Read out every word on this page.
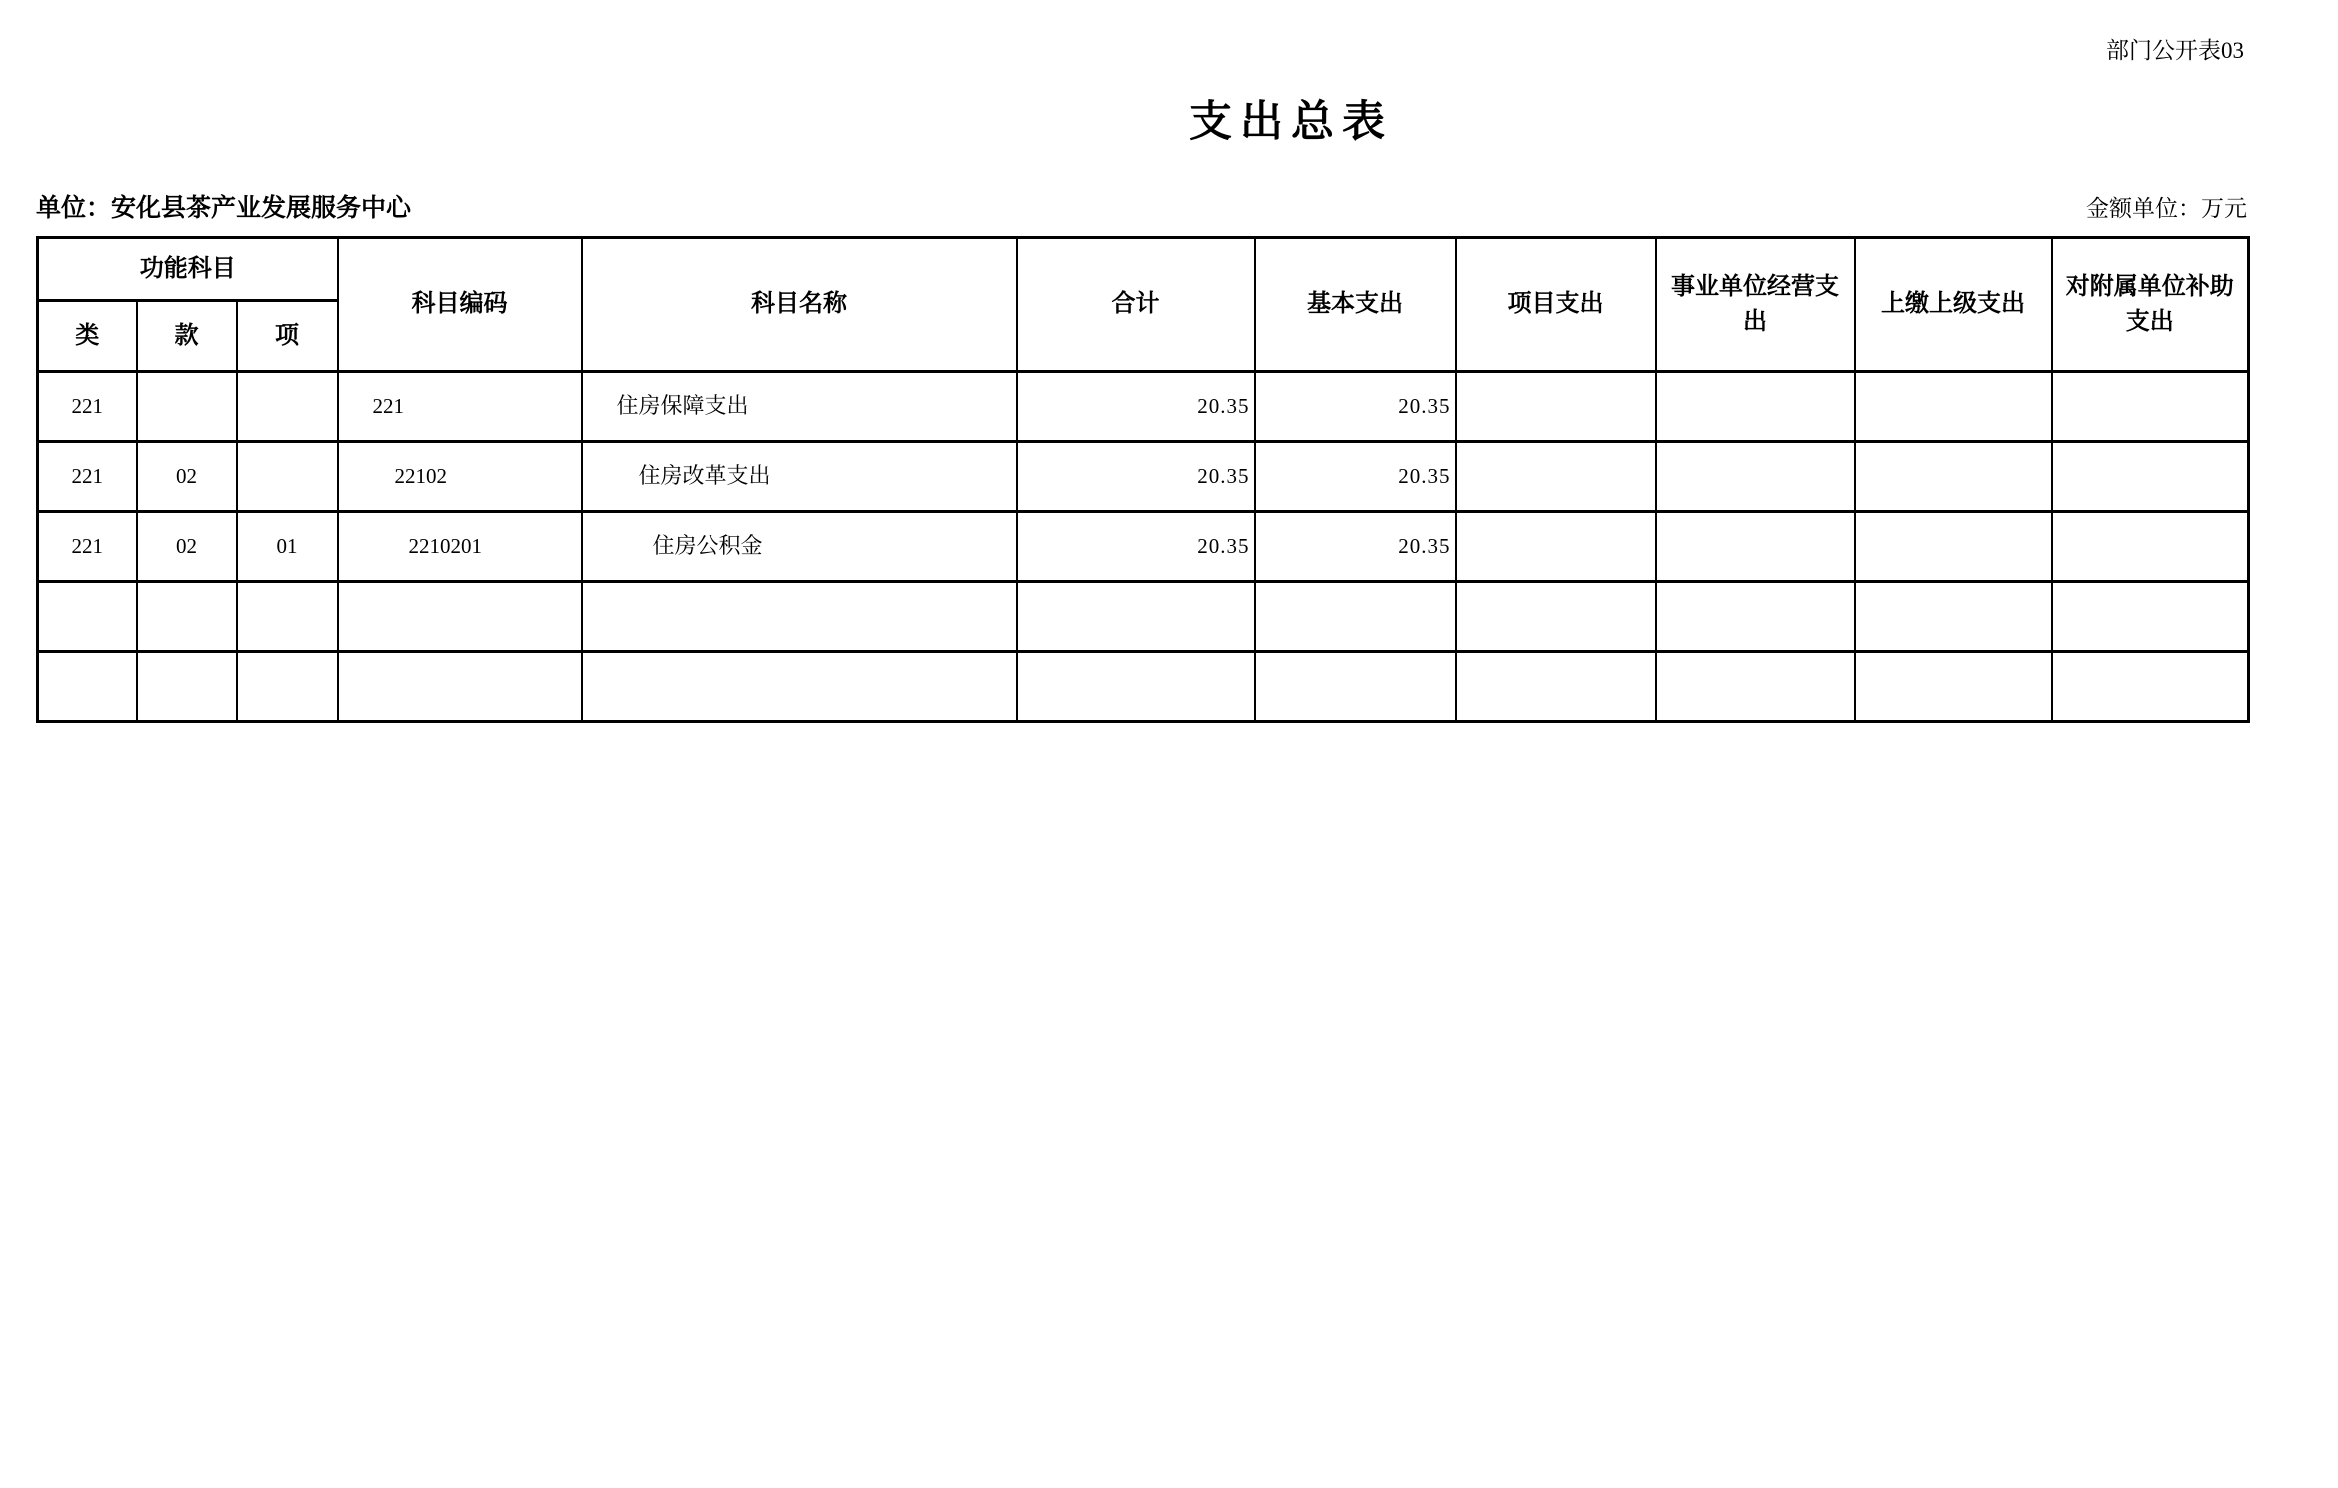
部门公开表03
支出总表
单位：安化县茶产业发展服务中心	金额单位：万元
功能科目			科目编码	科目名称	合计	基本支出	项目支出	事业单位经营支出	上缴上级支出	对附属单位补助支出
类	款	项								
221			221	住房保障支出	20.35	20.35				
221	02		22102	住房改革支出	20.35	20.35				
221	02	01	2210201	住房公积金	20.35	20.35				
